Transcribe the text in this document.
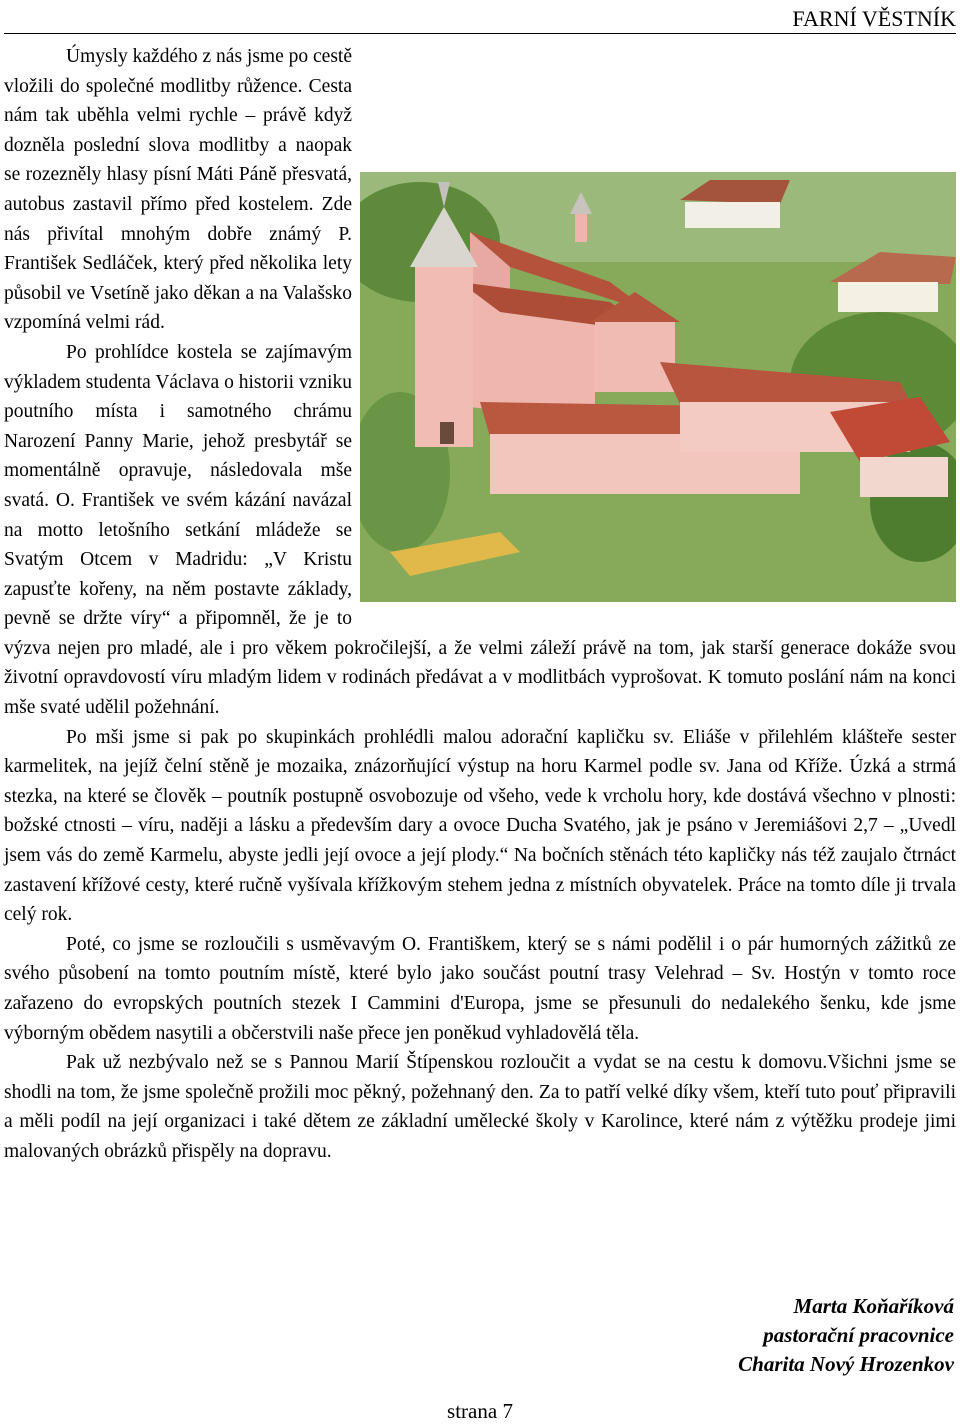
FARNÍ VĚSTNÍK

Úmysly každého z nás jsme po cestě vložili do společné modlitby růžence. Cesta nám tak uběhla velmi rychle – právě když dozněla poslední slova modlitby a naopak se rozezněly hlasy písní Máti Páně přesvatá, autobus zastavil přímo před kostelem. Zde nás přivítal mnohým dobře známý P. František Sedláček, který před několika lety působil ve Vsetíně jako děkan a na Valašsko vzpomíná velmi rád.

Po prohlídce kostela se zajímavým výkladem studenta Václava o historii vzniku poutního místa i samotného chrámu Narození Panny Marie, jehož presbytář se momentálně opravuje, následovala mše svatá. O. František ve svém kázání navázal na motto letošního setkání mládeže se Svatým Otcem v Madridu: „V Kristu zapusťte kořeny, na něm postavte základy, pevně se držte víry“ a připomněl, že je to výzva nejen pro mladé, ale i pro věkem pokročilejší, a že velmi záleží právě na tom, jak starší generace dokáže svou životní opravdovostí víru mladým lidem v rodinách předávat a v modlitbách vyprošovat. K tomuto poslání nám na konci mše svaté udělil požehnání.

Po mši jsme si pak po skupinkách prohlédli malou adorační kapličku sv. Eliáše v přilehlém klášteře sester karmelitek, na jejíž čelní stěně je mozaika, znázorňující výstup na horu Karmel podle sv. Jana od Kříže. Úzká a strmá stezka, na které se člověk – poutník postupně osvobozuje od všeho, vede k vrcholu hory, kde dostává všechno v plnosti: božské ctnosti – víru, naději a lásku a především dary a ovoce Ducha Svatého, jak je psáno v Jeremiášovi 2,7 – „Uvedl jsem vás do země Karmelu, abyste jedli její ovoce a její plody.“ Na bočních stěnách této kapličky nás též zaujalo čtrnáct zastavení křížové cesty, které ručně vyšívala křížkovým stehem jedna z místních obyvatelek. Práce na tomto díle ji trvala celý rok.

Poté, co jsme se rozloučili s usměvavým O. Františkem, který se s námi podělil i o pár humorných zážitků ze svého působení na tomto poutním místě, které bylo jako součást poutní trasy Velehrad – Sv. Hostýn v tomto roce zařazeno do evropských poutních stezek I Cammini d'Europa, jsme se přesunuli do nedalekého šenku, kde jsme výborným obědem nasytili a občerstvili naše přece jen poněkud vyhladovělá těla.

Pak už nezbývalo než se s Pannou Marií Štípenskou rozloučit a vydat se na cestu k domovu.Všichni jsme se shodli na tom, že jsme společně prožili moc pěkný, požehnaný den. Za to patří velké díky všem, kteří tuto pouť připravili a měli podíl na její organizaci i také dětem ze základní umělecké školy v Karolince, které nám z výtěžku prodeje jimi malovaných obrázků přispěly na dopravu.

Marta Koňaříková
pastorační pracovnice
Charita Nový Hrozenkov
strana 7
